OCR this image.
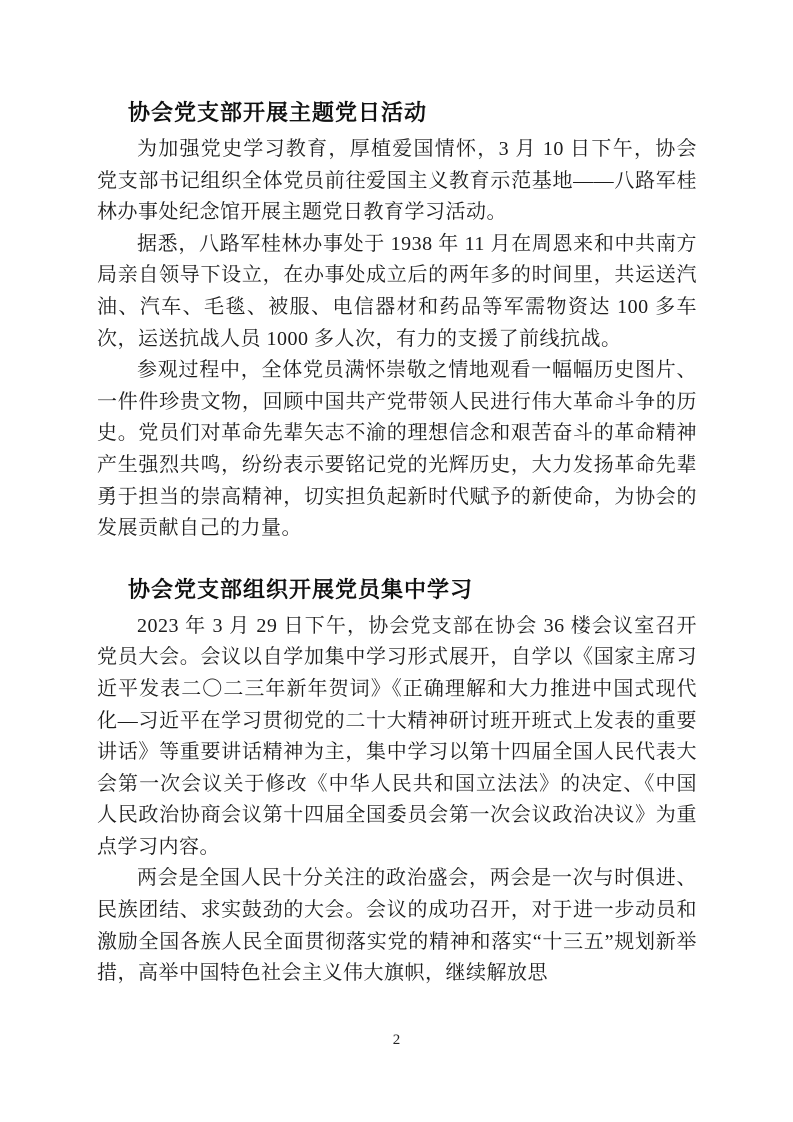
协会党支部开展主题党日活动

为加强党史学习教育，厚植爱国情怀，3 月 10 日下午，协会党支部书记组织全体党员前往爱国主义教育示范基地——八路军桂林办事处纪念馆开展主题党日教育学习活动。

据悉，八路军桂林办事处于 1938 年 11 月在周恩来和中共南方局亲自领导下设立，在办事处成立后的两年多的时间里，共运送汽油、汽车、毛毯、被服、电信器材和药品等军需物资达 100 多车次，运送抗战人员 1000 多人次，有力的支援了前线抗战。

参观过程中，全体党员满怀崇敬之情地观看一幅幅历史图片、一件件珍贵文物，回顾中国共产党带领人民进行伟大革命斗争的历史。党员们对革命先辈矢志不渝的理想信念和艰苦奋斗的革命精神产生强烈共鸣，纷纷表示要铭记党的光辉历史，大力发扬革命先辈勇于担当的崇高精神，切实担负起新时代赋予的新使命，为协会的发展贡献自己的力量。

协会党支部组织开展党员集中学习

2023 年 3 月 29 日下午，协会党支部在协会 36 楼会议室召开党员大会。会议以自学加集中学习形式展开，自学以《国家主席习近平发表二〇二三年新年贺词》《正确理解和大力推进中国式现代化—习近平在学习贯彻党的二十大精神研讨班开班式上发表的重要讲话》等重要讲话精神为主，集中学习以第十四届全国人民代表大会第一次会议关于修改《中华人民共和国立法法》的决定、《中国人民政治协商会议第十四届全国委员会第一次会议政治决议》为重点学习内容。

两会是全国人民十分关注的政治盛会，两会是一次与时俱进、民族团结、求实鼓劲的大会。会议的成功召开，对于进一步动员和激励全国各族人民全面贯彻落实党的精神和落实“十三五”规划新举措，高举中国特色社会主义伟大旗帜，继续解放思

2
